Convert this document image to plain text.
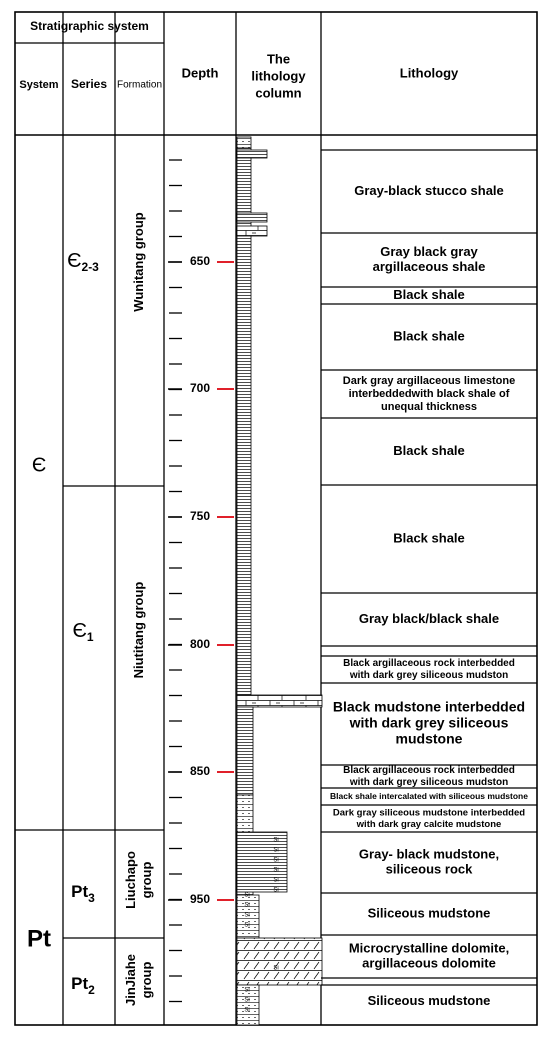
Stratigraphic system
System Series Formation
Depth
The
lithology
column
Lithology
Є
Pt
$Є_{2-3}$
$Є_1$
$Pt_3$
$Pt_2$
Wunitang group
Niutitang group
Liuchapo group
JinJiahe group
650
700
750
800
850
950
Si
Si
Si
Si
Si
Si
Si
Si
Si
Si
Si
Si
Si
Si
Gray-black stucco shale
Gray black gray
argillaceous shale
Black shale
Black shale
Dark gray argillaceous limestone
interbeddedwith black shale of
unequal thickness
Black shale
Black shale
Gray black/black shale
Black argillaceous rock interbedded
with dark grey siliceous mudston
Black mudstone interbedded
with dark grey siliceous
mudstone
Black argillaceous rock interbedded
with dark grey siliceous mudston
Black shale intercalated with siliceous mudstone
Dark gray siliceous mudstone interbedded
with dark gray calcite mudstone
Gray- black mudstone,
siliceous rock
Siliceous mudstone
Microcrystalline dolomite,
argillaceous dolomite
Siliceous mudstone
